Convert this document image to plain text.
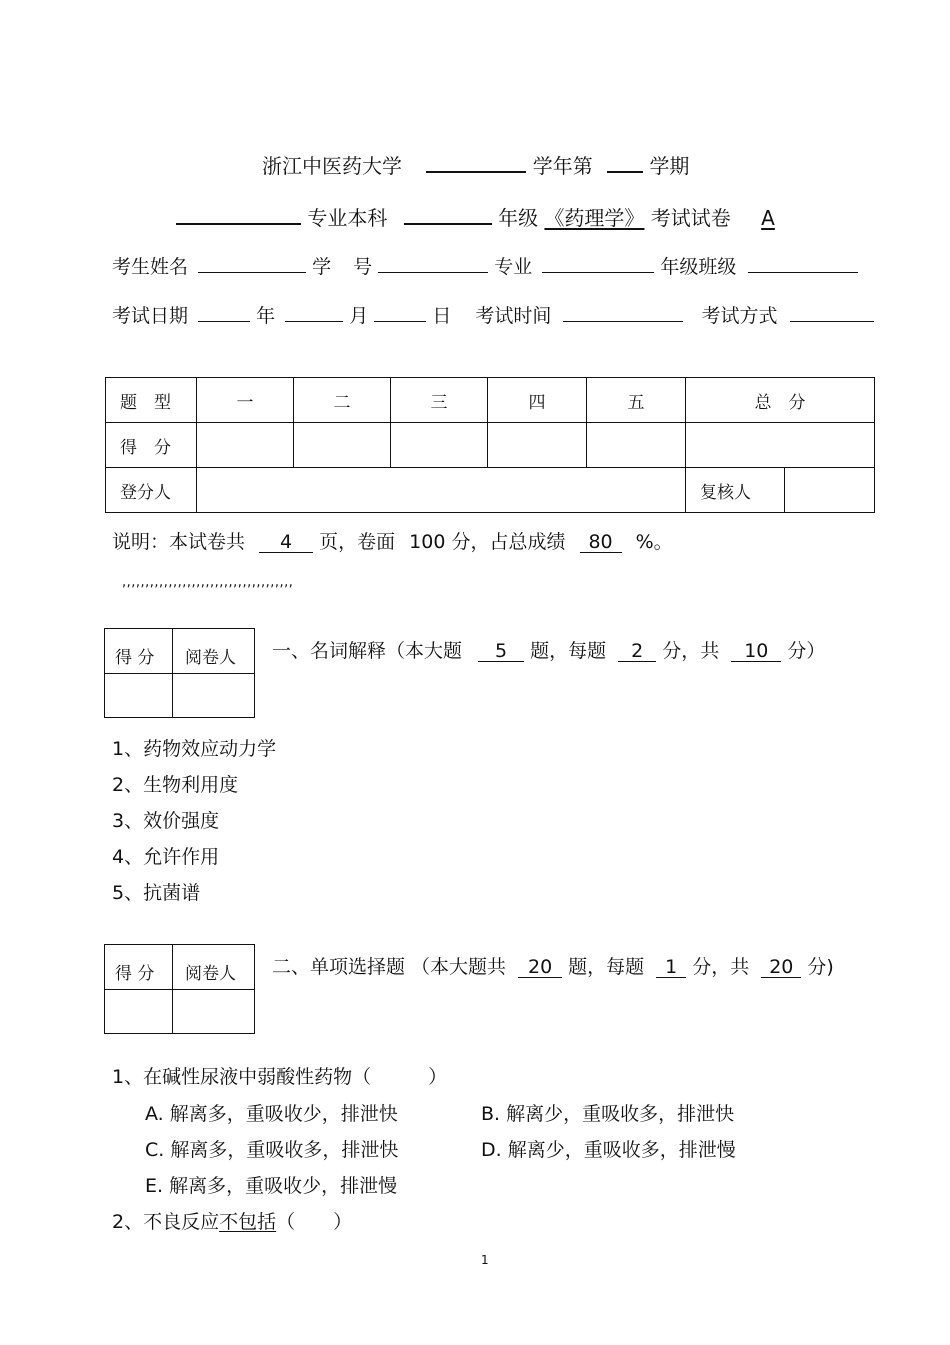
浙江中医药大学	学年第	学期
专业本科	年级 《药理学》 考试试卷 A
考生姓名	学 号	专业	年级班级
考试日期	年	月	日 考试时间	考试方式
题　型	一	二	三	四	五	总　分	
得　分							
登分人						复核人	
说明：本试卷共 4 页，卷面 100 分，占总成绩 80 %。
,,,,,,,,,,,,,,,,,,,,,,,,,,,,,,,,,,,,,
得 分 阅卷人 一、名词解释（本大题 5 题，每题 2 分，共 10 分）
1、药物效应动力学
2、生物利用度
3、效价强度
4、允许作用
5、抗菌谱
得 分 阅卷人 二、单项选择题 （本大题共 20 题，每题 1 分，共 20 分)
1、在碱性尿液中弱酸性药物（　　　）
A. 解离多，重吸收少，排泄快	B. 解离少，重吸收多，排泄快
C. 解离多，重吸收多，排泄快	D. 解离少，重吸收多，排泄慢
E. 解离多，重吸收少，排泄慢
2、不良反应不包括（　　）
1
